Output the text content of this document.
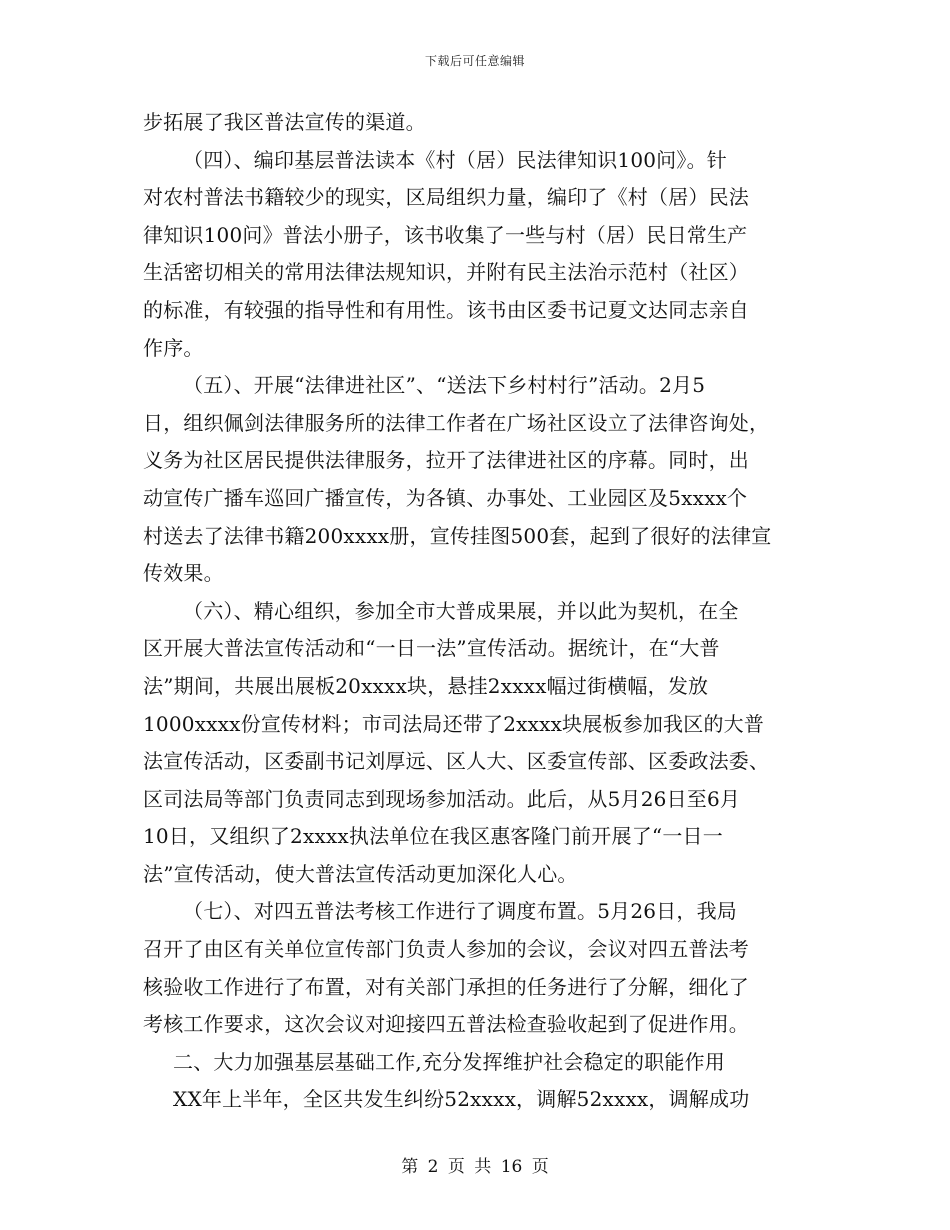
下载后可任意编辑
步拓展了我区普法宣传的渠道。
（四）、编印基层普法读本《村（居）民法律知识100问》。针
对农村普法书籍较少的现实，区局组织力量，编印了《村（居）民法
律知识100问》普法小册子，该书收集了一些与村（居）民日常生产
生活密切相关的常用法律法规知识，并附有民主法治示范村（社区）
的标准，有较强的指导性和有用性。该书由区委书记夏文达同志亲自
作序。
（五）、开展“法律进社区”、“送法下乡村村行”活动。2月5
日，组织佩剑法律服务所的法律工作者在广场社区设立了法律咨询处，
义务为社区居民提供法律服务，拉开了法律进社区的序幕。同时，出
动宣传广播车巡回广播宣传，为各镇、办事处、工业园区及5xxxx个
村送去了法律书籍200xxxx册，宣传挂图500套，起到了很好的法律宣
传效果。
（六）、精心组织，参加全市大普成果展，并以此为契机，在全
区开展大普法宣传活动和“一日一法”宣传活动。据统计，在“大普
法”期间，共展出展板20xxxx块，悬挂2xxxx幅过街横幅，发放
1000xxxx份宣传材料；市司法局还带了2xxxx块展板参加我区的大普
法宣传活动，区委副书记刘厚远、区人大、区委宣传部、区委政法委、
区司法局等部门负责同志到现场参加活动。此后，从5月26日至6月
10日，又组织了2xxxx执法单位在我区惠客隆门前开展了“一日一
法”宣传活动，使大普法宣传活动更加深化人心。
（七）、对四五普法考核工作进行了调度布置。5月26日，我局
召开了由区有关单位宣传部门负责人参加的会议，会议对四五普法考
核验收工作进行了布置，对有关部门承担的任务进行了分解，细化了
考核工作要求，这次会议对迎接四五普法检查验收起到了促进作用。
二、大力加强基层基础工作,充分发挥维护社会稳定的职能作用
XX年上半年，全区共发生纠纷52xxxx，调解52xxxx，调解成功
第 2 页 共 16 页
